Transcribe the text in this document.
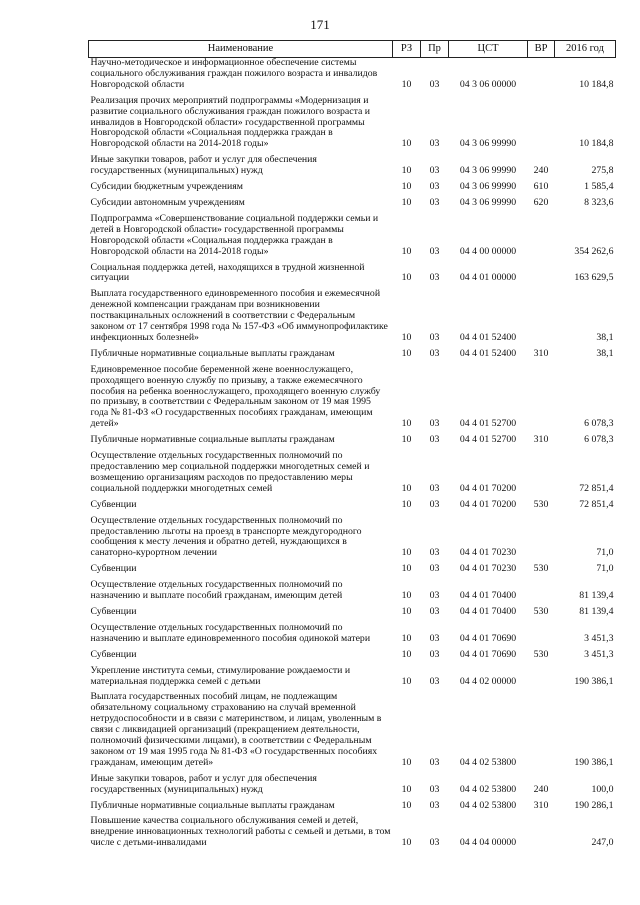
171
Наименование	РЗ	Пр	ЦСТ	ВР	2016 год
Научно-методическое и информационное обеспечение системы социального обслуживания граждан пожилого возраста и инвалидов Новгородской области	10	03	04 3 06 00000		10 184,8
Реализация прочих мероприятий подпрограммы «Модернизация и развитие социального обслуживания граждан пожилого возраста и инвалидов в Новгородской области» государственной программы Новгородской области «Социальная поддержка граждан в Новгородской области на 2014-2018 годы»	10	03	04 3 06 99990		10 184,8
Иные закупки товаров, работ и услуг для обеспечения государственных (муниципальных) нужд	10	03	04 3 06 99990	240	275,8
Субсидии бюджетным учреждениям	10	03	04 3 06 99990	610	1 585,4
Субсидии автономным учреждениям	10	03	04 3 06 99990	620	8 323,6
Подпрограмма «Совершенствование социальной поддержки семьи и детей в Новгородской области» государственной программы Новгородской области «Социальная поддержка граждан в Новгородской области на 2014-2018 годы»	10	03	04 4 00 00000		354 262,6
Социальная поддержка детей, находящихся в трудной жизненной ситуации	10	03	04 4 01 00000		163 629,5
Выплата государственного единовременного пособия и ежемесячной денежной компенсации гражданам при возникновении поствакцинальных осложнений в соответствии с Федеральным законом от 17 сентября 1998 года № 157-ФЗ «Об иммунопрофилактике инфекционных болезней»	10	03	04 4 01 52400		38,1
Публичные нормативные социальные выплаты гражданам	10	03	04 4 01 52400	310	38,1
Единовременное пособие беременной жене военнослужащего, проходящего военную службу по призыву, а также ежемесячного пособия на ребенка военнослужащего, проходящего военную службу по призыву, в соответствии с Федеральным законом от 19 мая 1995 года № 81-ФЗ «О государственных пособиях гражданам, имеющим детей»	10	03	04 4 01 52700		6 078,3
Публичные нормативные социальные выплаты гражданам	10	03	04 4 01 52700	310	6 078,3
Осуществление отдельных государственных полномочий по предоставлению мер социальной поддержки многодетных семей и возмещению организациям расходов по предоставлению меры социальной поддержки многодетных семей	10	03	04 4 01 70200		72 851,4
Субвенции	10	03	04 4 01 70200	530	72 851,4
Осуществление отдельных государственных полномочий по предоставлению льготы на проезд в транспорте междугородного сообщения к месту лечения и обратно детей, нуждающихся в санаторно-курортном лечении	10	03	04 4 01 70230		71,0
Субвенции	10	03	04 4 01 70230	530	71,0
Осуществление отдельных государственных полномочий по назначению и выплате пособий гражданам, имеющим детей	10	03	04 4 01 70400		81 139,4
Субвенции	10	03	04 4 01 70400	530	81 139,4
Осуществление отдельных государственных полномочий по назначению и выплате единовременного пособия одинокой матери	10	03	04 4 01 70690		3 451,3
Субвенции	10	03	04 4 01 70690	530	3 451,3
Укрепление института семьи, стимулирование рождаемости и материальная поддержка семей с детьми	10	03	04 4 02 00000		190 386,1
Выплата государственных пособий лицам, не подлежащим обязательному социальному страхованию на случай временной нетрудоспособности и в связи с материнством, и лицам, уволенным в связи с ликвидацией организаций (прекращением деятельности, полномочий физическими лицами), в соответствии с Федеральным законом от 19 мая 1995 года № 81-ФЗ «О государственных пособиях гражданам, имеющим детей»	10	03	04 4 02 53800		190 386,1
Иные закупки товаров, работ и услуг для обеспечения государственных (муниципальных) нужд	10	03	04 4 02 53800	240	100,0
Публичные нормативные социальные выплаты гражданам	10	03	04 4 02 53800	310	190 286,1
Повышение качества социального обслуживания семей и детей, внедрение инновационных технологий работы с семьей и детьми, в том числе с детьми-инвалидами	10	03	04 4 04 00000		247,0
